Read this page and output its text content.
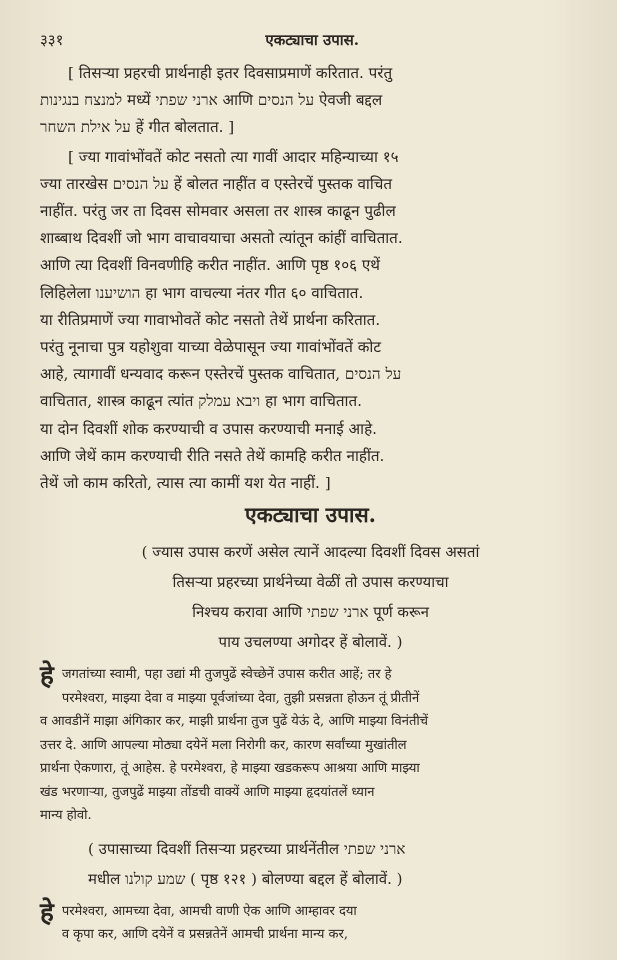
३३१	एकट्याचा उपास.
[ तिसऱ्या प्रहरची प्रार्थनाही इतर दिवसाप्रमाणें करितात. परंतु
למנצח בנגינות मध्यें ארני שפתי आणि על הנסים ऐवजी बद्दल
על אילת השחר हें गीत बोलतात. ]
[ ज्या गावांभोंवतें कोट नसतो त्या गावीं आदार महिन्याच्या १५
ज्या तारखेस על הנסים हें बोलत नाहींत व एस्तेरचें पुस्तक वाचित
नाहींत. परंतु जर ता दिवस सोमवार असला तर शास्त्र काढून पुढील
शाब्बाथ दिवशीं जो भाग वाचावयाचा असतो त्यांतून कांहीं वाचितात.
आणि त्या दिवशीं विनवणीहि करीत नाहींत. आणि पृष्ठ १०६ एथें
लिहिलेला הושיענו हा भाग वाचल्या नंतर गीत ६० वाचितात.
या रीतिप्रमाणें ज्या गावाभोवतें कोट नसतो तेथें प्रार्थना करितात.
परंतु नूनाचा पुत्र यहोशुवा याच्या वेळेपासून ज्या गावांभोंवतें कोट
आहे, त्यागावीं धन्यवाद करून एस्तेरचें पुस्तक वाचितात, על הנסים
वाचितात, शास्त्र काढून त्यांत ויבא עמלק हा भाग वाचितात.
या दोन दिवशीं शोक करण्याची व उपास करण्याची मनाई आहे.
आणि जेथें काम करण्याची रीति नसते तेथें कामहि करीत नाहींत.
तेथें जो काम करितो, त्यास त्या कामीं यश येत नाहीं. ]
एकट्याचा उपास.
( ज्यास उपास करणें असेल त्यानें आदल्या दिवशीं दिवस असतां
तिसऱ्या प्रहरच्या प्रार्थनेच्या वेळीं तो उपास करण्याचा
निश्चय करावा आणि ארני שפתי पूर्ण करून
पाय उचलण्या अगोदर हें बोलावें. )
हे जगतांच्या स्वामी, पहा उद्यां मी तुजपुढें स्वेच्छेनें उपास करीत आहें; तर हे
परमेश्वरा, माझ्या देवा व माझ्या पूर्वजांच्या देवा, तुझी प्रसन्नता होऊन तूं प्रीतीनें
व आवडीनें माझा अंगिकार कर, माझी प्रार्थना तुज पुढें येऊं दे, आणि माझ्या विनंतीचें
उत्तर दे. आणि आपल्या मोठ्या दयेनें मला निरोगी कर, कारण सर्वांच्या मुखांतील
प्रार्थना ऐकणारा, तूं आहेस. हे परमेश्वरा, हे माझ्या खडकरूप आश्रया आणि माझ्या
खंड भरणाऱ्या, तुजपुढें माझ्या तोंडची वाक्यें आणि माझ्या हृदयांतलें ध्यान
मान्य होवो.
( उपासाच्या दिवशीं तिसऱ्या प्रहरच्या प्रार्थनेंतील ארני שפתי
मधील שמע קולנו ( पृष्ठ १२१ ) बोलण्या बद्दल हें बोलावें. )
हे परमेश्वरा, आमच्या देवा, आमची वाणी ऐक आणि आम्हावर दया
व कृपा कर, आणि दयेनें व प्रसन्नतेनें आमची प्रार्थना मान्य कर,
